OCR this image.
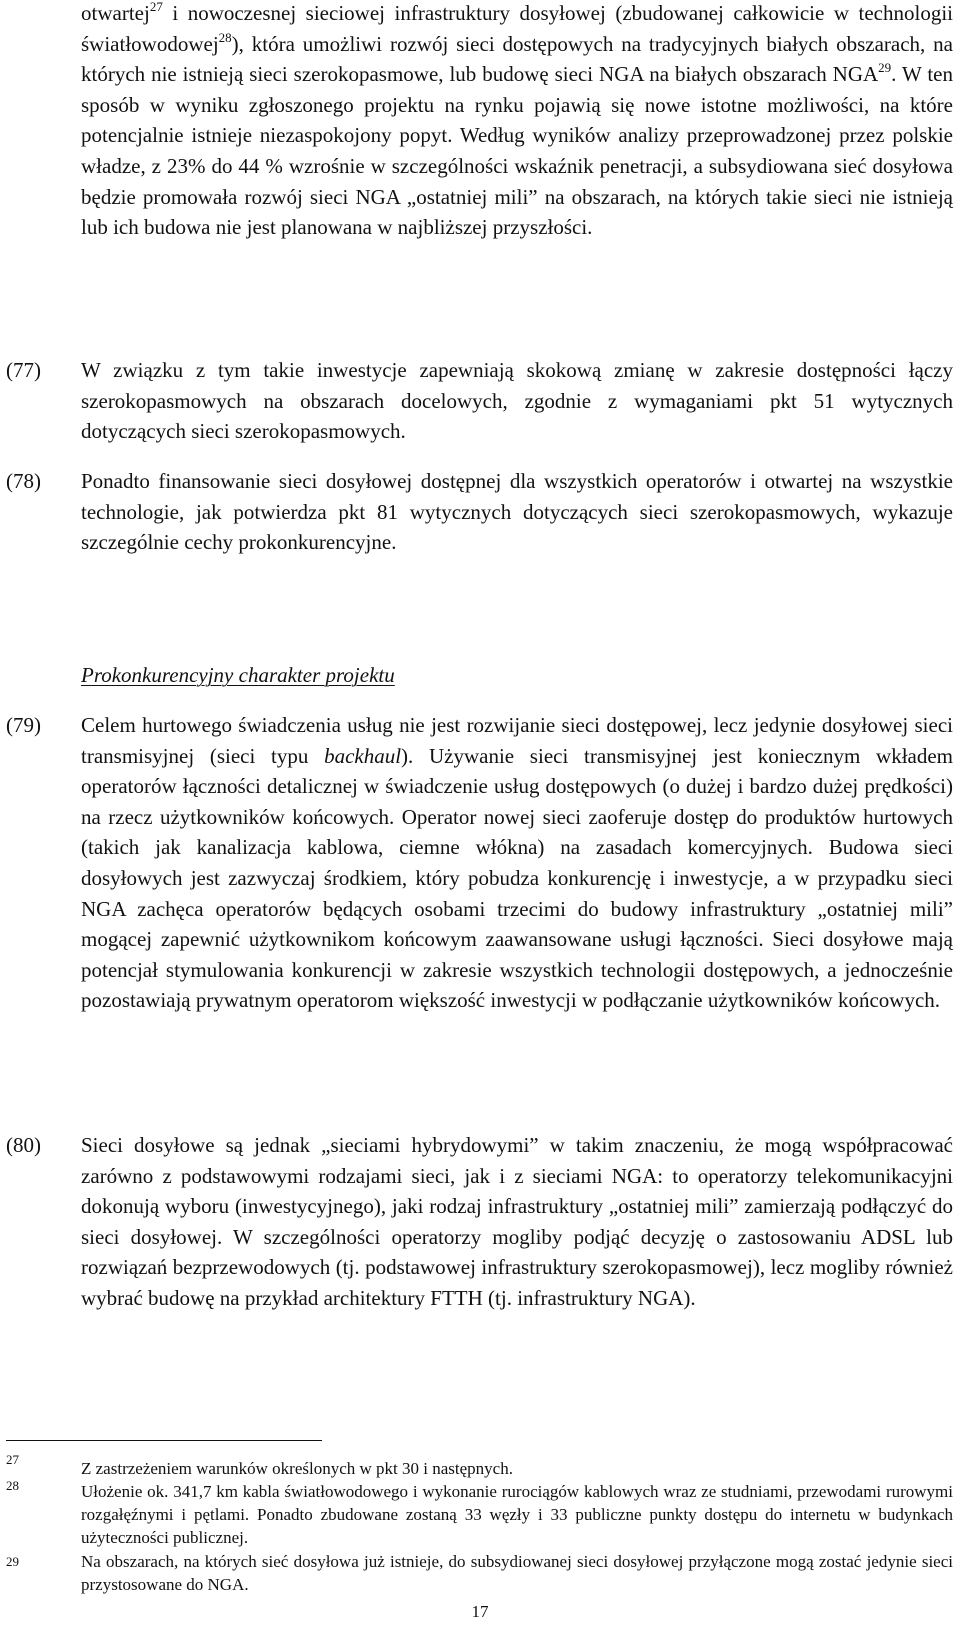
otwartej$^{27}$ i nowoczesnej sieciowej infrastruktury dosyłowej (zbudowanej całkowicie w technologii światłowodowej$^{28}$), która umożliwi rozwój sieci dostępowych na tradycyjnych białych obszarach, na których nie istnieją sieci szerokopasmowe, lub budowę sieci NGA na białych obszarach NGA$^{29}$. W ten sposób w wyniku zgłoszonego projektu na rynku pojawią się nowe istotne możliwości, na które potencjalnie istnieje niezaspokojony popyt. Według wyników analizy przeprowadzonej przez polskie władze, z 23% do 44 % wzrośnie w szczególności wskaźnik penetracji, a subsydiowana sieć dosyłowa będzie promowała rozwój sieci NGA „ostatniej mili” na obszarach, na których takie sieci nie istnieją lub ich budowa nie jest planowana w najbliższej przyszłości.
(77) W związku z tym takie inwestycje zapewniają skokową zmianę w zakresie dostępności łączy szerokopasmowych na obszarach docelowych, zgodnie z wymaganiami pkt 51 wytycznych dotyczących sieci szerokopasmowych.
(78) Ponadto finansowanie sieci dosyłowej dostępnej dla wszystkich operatorów i otwartej na wszystkie technologie, jak potwierdza pkt 81 wytycznych dotyczących sieci szerokopasmowych, wykazuje szczególnie cechy prokonkurencyjne.
Prokonkurencyjny charakter projektu
(79) Celem hurtowego świadczenia usług nie jest rozwijanie sieci dostępowej, lecz jedynie dosyłowej sieci transmisyjnej (sieci typu backhaul). Używanie sieci transmisyjnej jest koniecznym wkładem operatorów łączności detalicznej w świadczenie usług dostępowych (o dużej i bardzo dużej prędkości) na rzecz użytkowników końcowych. Operator nowej sieci zaoferuje dostęp do produktów hurtowych (takich jak kanalizacja kablowa, ciemne włókna) na zasadach komercyjnych. Budowa sieci dosyłowych jest zazwyczaj środkiem, który pobudza konkurencję i inwestycje, a w przypadku sieci NGA zachęca operatorów będących osobami trzecimi do budowy infrastruktury „ostatniej mili” mogącej zapewnić użytkownikom końcowym zaawansowane usługi łączności. Sieci dosyłowe mają potencjał stymulowania konkurencji w zakresie wszystkich technologii dostępowych, a jednocześnie pozostawiają prywatnym operatorom większość inwestycji w podłączanie użytkowników końcowych.
(80) Sieci dosyłowe są jednak „sieciami hybrydowymi” w takim znaczeniu, że mogą współpracować zarówno z podstawowymi rodzajami sieci, jak i z sieciami NGA: to operatorzy telekomunikacyjni dokonują wyboru (inwestycyjnego), jaki rodzaj infrastruktury „ostatniej mili” zamierzają podłączyć do sieci dosyłowej. W szczególności operatorzy mogliby podjąć decyzję o zastosowaniu ADSL lub rozwiązań bezprzewodowych (tj. podstawowej infrastruktury szerokopasmowej), lecz mogliby również wybrać budowę na przykład architektury FTTH (tj. infrastruktury NGA).
27	Z zastrzeżeniem warunków określonych w pkt 30 i następnych.
28	Ułożenie ok. 341,7 km kabla światłowodowego i wykonanie rurociągów kablowych wraz ze studniami, przewodami rurowymi rozgałęźnymi i pętlami. Ponadto zbudowane zostaną 33 węzły i 33 publiczne punkty dostępu do internetu w budynkach użyteczności publicznej.
29	Na obszarach, na których sieć dosyłowa już istnieje, do subsydiowanej sieci dosyłowej przyłączone mogą zostać jedynie sieci przystosowane do NGA.
17
